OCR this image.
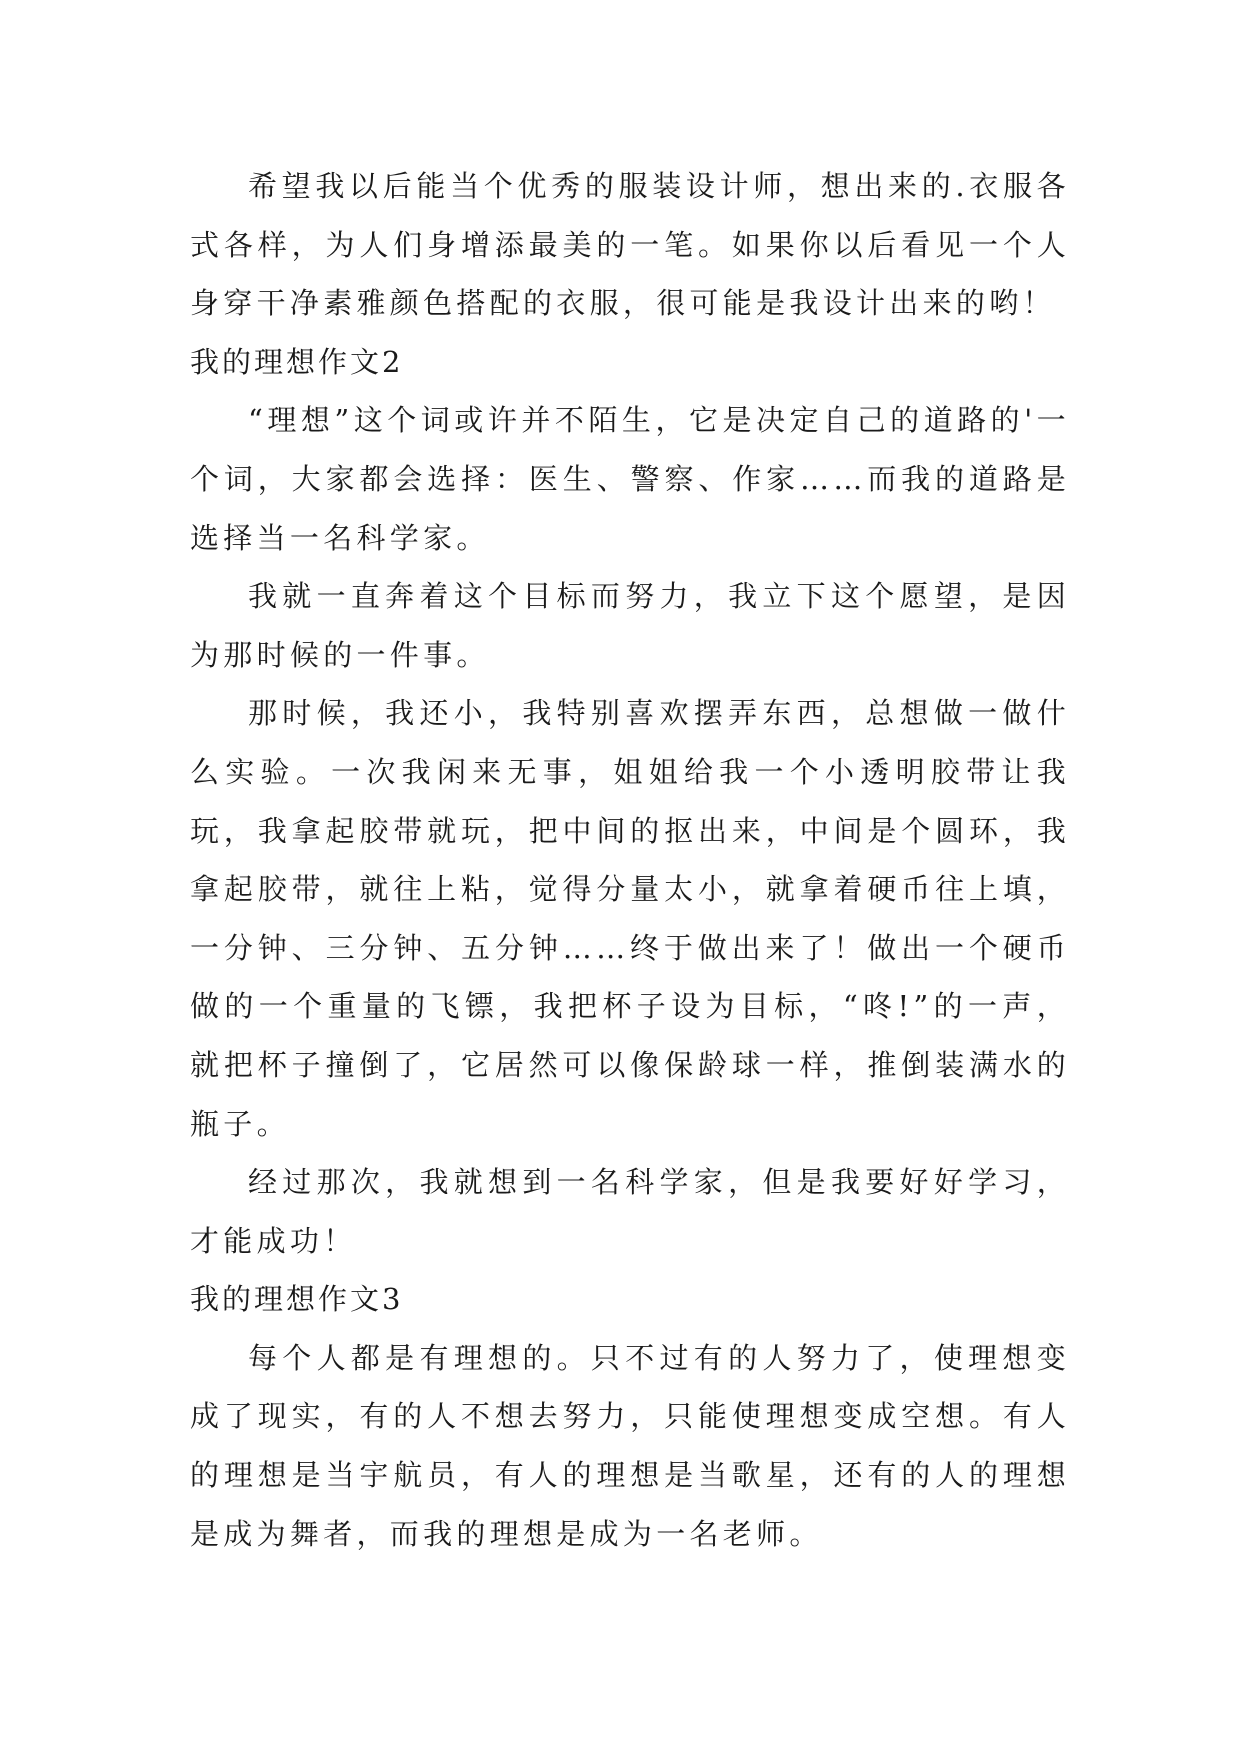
希望我以后能当个优秀的服装设计师，想出来的.衣服各式各样，为人们身增添最美的一笔。如果你以后看见一个人身穿干净素雅颜色搭配的衣服，很可能是我设计出来的哟！

我的理想作文2

“理想”这个词或许并不陌生，它是决定自己的道路的'一个词，大家都会选择：医生、警察、作家……而我的道路是选择当一名科学家。

我就一直奔着这个目标而努力，我立下这个愿望，是因为那时候的一件事。

那时候，我还小，我特别喜欢摆弄东西，总想做一做什么实验。一次我闲来无事，姐姐给我一个小透明胶带让我玩，我拿起胶带就玩，把中间的抠出来，中间是个圆环，我拿起胶带，就往上粘，觉得分量太小，就拿着硬币往上填，一分钟、三分钟、五分钟……终于做出来了！做出一个硬币做的一个重量的飞镖，我把杯子设为目标，“咚!”的一声，就把杯子撞倒了，它居然可以像保龄球一样，推倒装满水的瓶子。

经过那次，我就想到一名科学家，但是我要好好学习，才能成功！

我的理想作文3

每个人都是有理想的。只不过有的人努力了，使理想变成了现实，有的人不想去努力，只能使理想变成空想。有人的理想是当宇航员，有人的理想是当歌星，还有的人的理想是成为舞者，而我的理想是成为一名老师。
